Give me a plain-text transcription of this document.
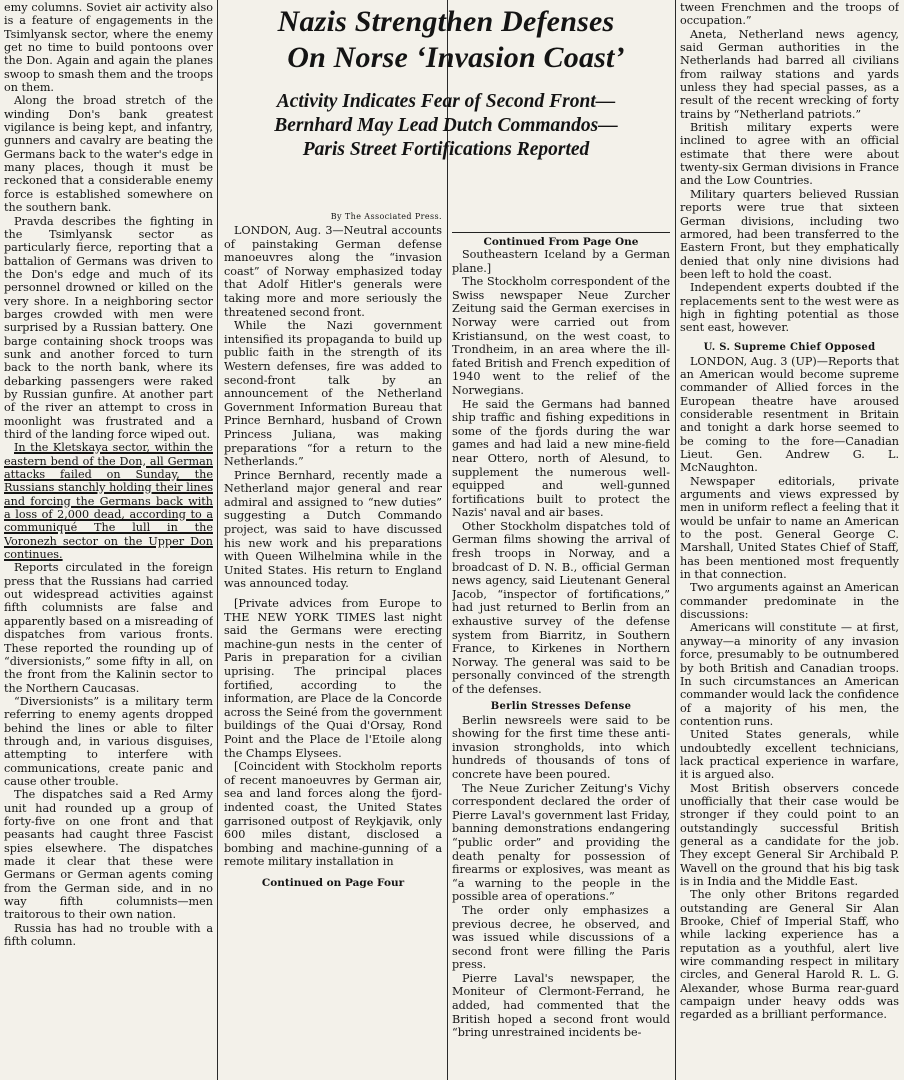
emy columns. Soviet air activity also is a feature of engagements in the Tsimlyansk sector, where the enemy get no time to build pontoons over the Don. Again and again the planes swoop to smash them and the troops on them.

Along the broad stretch of the winding Don's bank greatest vigilance is being kept, and infantry, gunners and cavalry are beating the Germans back to the water's edge in many places, though it must be reckoned that a considerable enemy force is established somewhere on the southern bank.

Pravda describes the fighting in the Tsimlyansk sector as particularly fierce, reporting that a battalion of Germans was driven to the Don's edge and much of its personnel drowned or killed on the very shore. In a neighboring sector barges crowded with men were surprised by a Russian battery. One barge containing shock troops was sunk and another forced to turn back to the north bank, where its debarking passengers were raked by Russian gunfire. At another part of the river an attempt to cross in moonlight was frustrated and a third of the landing force wiped out.

In the Kletskaya sector, within the eastern bend of the Don, all German attacks failed on Sunday, the Russians stanchly holding their lines and forcing the Germans back with a loss of 2,000 dead, according to a communiqué The lull in the Voronezh sector on the Upper Don continues.

Reports circulated in the foreign press that the Russians had carried out widespread activities against fifth columnists are false and apparently based on a misreading of dispatches from various fronts. These reported the rounding up of “diversionists,” some fifty in all, on the front from the Kalinin sector to the Northern Caucasas.

“Diversionists” is a military term referring to enemy agents dropped behind the lines or able to filter through and, in various disguises, attempting to interfere with communications, create panic and cause other trouble.

The dispatches said a Red Army unit had rounded up a group of forty-five on one front and that peasants had caught three Fascist spies elsewhere. The dispatches made it clear that these were Germans or German agents coming from the German side, and in no way fifth columnists—men traitorous to their own nation.

Russia has had no trouble with a fifth column.

Nazis Strengthen Defenses

On Norse ‘Invasion Coast’

Activity Indicates Fear of Second Front—

Bernhard May Lead Dutch Commandos—

Paris Street Fortifications Reported

By The Associated Press.

LONDON, Aug. 3—Neutral accounts of painstaking German defense manoeuvres along the “invasion coast” of Norway emphasized today that Adolf Hitler's generals were taking more and more seriously the threatened second front.

While the Nazi government intensified its propaganda to build up public faith in the strength of its Western defenses, fire was added to second-front talk by an announcement of the Netherland Government Information Bureau that Prince Bernhard, husband of Crown Princess Juliana, was making preparations “for a return to the Netherlands.”

Prince Bernhard, recently made a Netherland major general and rear admiral and assigned to “new duties” suggesting a Dutch Commando project, was said to have discussed his new work and his preparations with Queen Wilhelmina while in the United States. His return to England was announced today.

[Private advices from Europe to THE NEW YORK TIMES last night said the Germans were erecting machine-gun nests in the center of Paris in preparation for a civilian uprising. The principal places fortified, according to the information, are Place de la Concorde across the Seiné from the government buildings of the Quai d'Orsay, Rond Point and the Place de l'Etoile along the Champs Elysees.

[Coincident with Stockholm reports of recent manoeuvres by German air, sea and land forces along the fjord-indented coast, the United States garrisoned outpost of Reykjavik, only 600 miles distant, disclosed a bombing and machine-gunning of a remote military installation in

Continued on Page Four

Continued From Page One

Southeastern Iceland by a German plane.]

The Stockholm correspondent of the Swiss newspaper Neue Zurcher Zeitung said the German exercises in Norway were carried out from Kristiansund, on the west coast, to Trondheim, in an area where the ill-fated British and French expedition of 1940 went to the relief of the Norwegians.

He said the Germans had banned ship traffic and fishing expeditions in some of the fjords during the war games and had laid a new mine-field near Ottero, north of Alesund, to supplement the numerous well-equipped and well-gunned fortifications built to protect the Nazis' naval and air bases.

Other Stockholm dispatches told of German films showing the arrival of fresh troops in Norway, and a broadcast of D. N. B., official German news agency, said Lieutenant General Jacob, “inspector of fortifications,” had just returned to Berlin from an exhaustive survey of the defense system from Biarritz, in Southern France, to Kirkenes in Northern Norway. The general was said to be personally convinced of the strength of the defenses.

Berlin Stresses Defense

Berlin newsreels were said to be showing for the first time these anti-invasion strongholds, into which hundreds of thousands of tons of concrete have been poured.

The Neue Zuricher Zeitung's Vichy correspondent declared the order of Pierre Laval's government last Friday, banning demonstrations endangering “public order” and providing the death penalty for possession of firearms or explosives, was meant as “a warning to the people in the possible area of operations.”

The order only emphasizes a previous decree, he observed, and was issued while discussions of a second front were filling the Paris press.

Pierre Laval's newspaper, the Moniteur of Clermont-Ferrand, he added, had commented that the British hoped a second front would “bring unrestrained incidents be-

tween Frenchmen and the troops of occupation.”

Aneta, Netherland news agency, said German authorities in the Netherlands had barred all civilians from railway stations and yards unless they had special passes, as a result of the recent wrecking of forty trains by “Netherland patriots.”

British military experts were inclined to agree with an official estimate that there were about twenty-six German divisions in France and the Low Countries.

Military quarters believed Russian reports were true that sixteen German divisions, including two armored, had been transferred to the Eastern Front, but they emphatically denied that only nine divisions had been left to hold the coast.

Independent experts doubted if the replacements sent to the west were as high in fighting potential as those sent east, however.

U. S. Supreme Chief Opposed

LONDON, Aug. 3 (UP)—Reports that an American would become supreme commander of Allied forces in the European theatre have aroused considerable resentment in Britain and tonight a dark horse seemed to be coming to the fore—Canadian Lieut. Gen. Andrew G. L. McNaughton.

Newspaper editorials, private arguments and views expressed by men in uniform reflect a feeling that it would be unfair to name an American to the post. General George C. Marshall, United States Chief of Staff, has been mentioned most frequently in that connection.

Two arguments against an American commander predominate in the discussions:

Americans will constitute — at first, anyway—a minority of any invasion force, presumably to be outnumbered by both British and Canadian troops. In such circumstances an American commander would lack the confidence of a majority of his men, the contention runs.

United States generals, while undoubtedly excellent technicians, lack practical experience in warfare, it is argued also.

Most British observers concede unofficially that their case would be stronger if they could point to an outstandingly successful British general as a candidate for the job. They except General Sir Archibald P. Wavell on the ground that his big task is in India and the Middle East.

The only other Britons regarded outstanding are General Sir Alan Brooke, Chief of Imperial Staff, who while lacking experience has a reputation as a youthful, alert live wire commanding respect in military circles, and General Harold R. L. G. Alexander, whose Burma rear-guard campaign under heavy odds was regarded as a brilliant performance.
